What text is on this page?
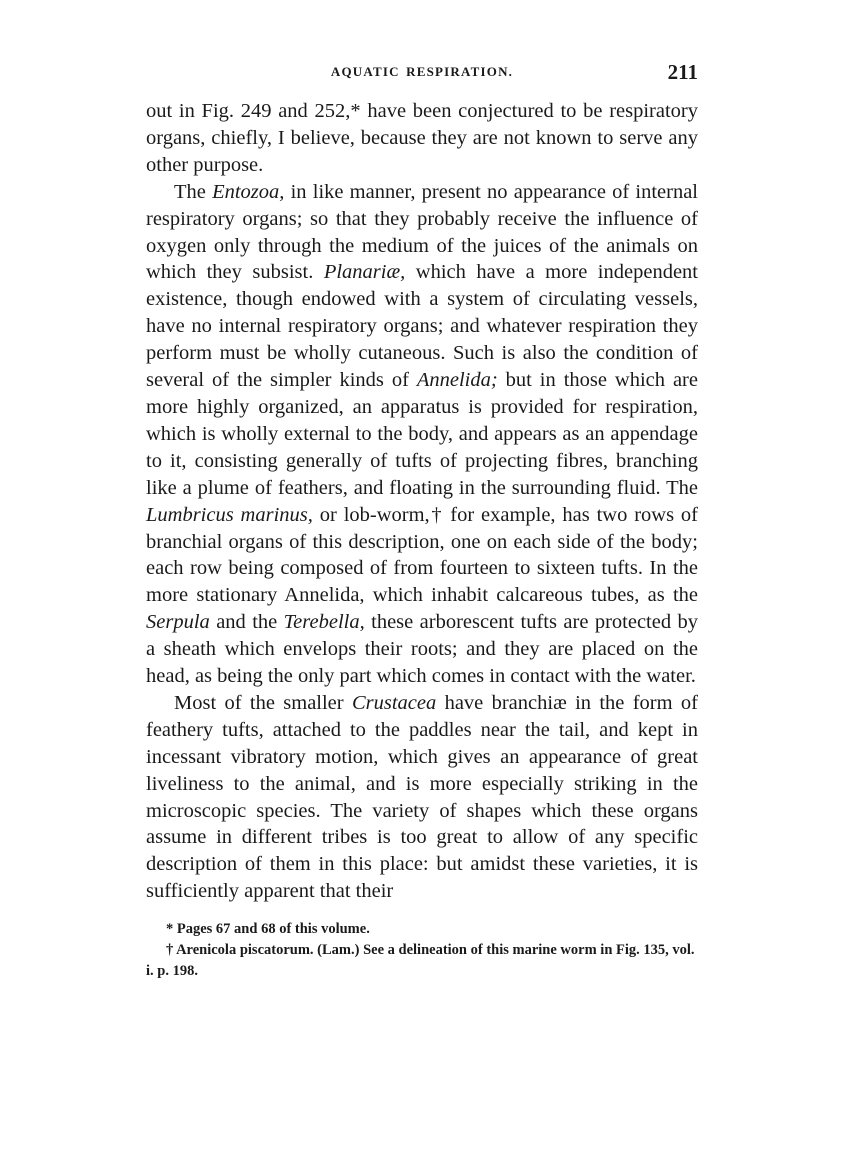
AQUATIC RESPIRATION.	211

out in Fig. 249 and 252,* have been conjectured to be respiratory organs, chiefly, I believe, because they are not known to serve any other purpose.

The Entozoa, in like manner, present no appearance of internal respiratory organs; so that they probably receive the influence of oxygen only through the medium of the juices of the animals on which they subsist. Planariæ, which have a more independent existence, though endowed with a system of circulating vessels, have no internal respiratory organs; and whatever respiration they perform must be wholly cutaneous. Such is also the condition of several of the simpler kinds of Annelida; but in those which are more highly organized, an apparatus is provided for respiration, which is wholly external to the body, and appears as an appendage to it, consisting generally of tufts of projecting fibres, branching like a plume of feathers, and floating in the surrounding fluid. The Lumbricus marinus, or lob-worm,† for example, has two rows of branchial organs of this description, one on each side of the body; each row being composed of from fourteen to sixteen tufts. In the more stationary Annelida, which inhabit calcareous tubes, as the Serpula and the Terebella, these arborescent tufts are protected by a sheath which envelops their roots; and they are placed on the head, as being the only part which comes in contact with the water.

Most of the smaller Crustacea have branchiæ in the form of feathery tufts, attached to the paddles near the tail, and kept in incessant vibratory motion, which gives an appearance of great liveliness to the animal, and is more especially striking in the microscopic species. The variety of shapes which these organs assume in different tribes is too great to allow of any specific description of them in this place: but amidst these varieties, it is sufficiently apparent that their

* Pages 67 and 68 of this volume.

† Arenicola piscatorum. (Lam.) See a delineation of this marine worm in Fig. 135, vol. i. p. 198.
